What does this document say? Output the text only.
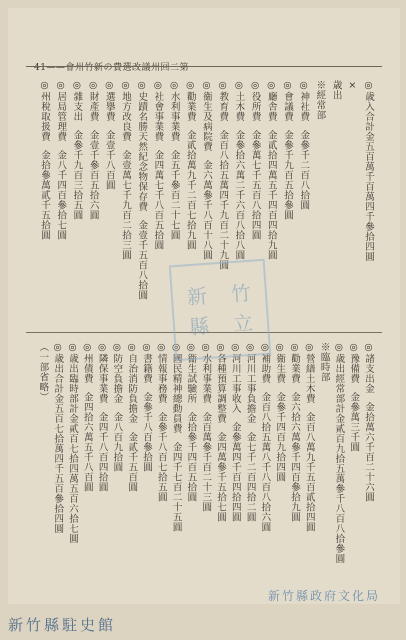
41——會州竹新の費選改議州回二第
◎歳入合計金五百萬千百萬四千參拾四圓
×
歳出
※經常部
◎神社費金參千二百八拾圓
◎會議費金參千九百五拾參圓
◎廳舎費金貳拾四萬五千四百四拾九圓
◎役所費金參萬七千五百八拾四圓
◎土木費金參拾六萬二千六百八拾八圓
◎教育費金百八拾五萬四千九百二十九圓
◎衞生及病院費金六萬參千八百十八圓
◎勸業費金貳拾萬九千二百七拾九圓
◎水利事業費金五千參百二十七圓
◎社會事業費金四萬七千八百五拾圓
◎史蹟名勝天然紀念物保存費金壹千五百八拾圓
◎地方改良費金壹萬七千九百二拾三圓
◎選擧費金壹千八百圓
◎財產費金壹千參百五拾六圓
◎雜支出金參千九百三拾五圓
◎居局管理費金八千四百參拾七圓
◎州稅取扱費金拾參萬貳千五拾圓
◎諸支出金金拾萬六千百二十六圓
◎豫備費金參萬三千圓
◎歳出經常部計金貳百九拾五萬參千八百八拾參圓
※臨時部
◎營繕土木費金百八萬九千五百貳拾四圓
◎勸業費金六拾六萬參千四百參拾九圓
◎衞生費金參千四百九拾四圓
◎補助費金百八拾五萬八千八百八拾六圓
◎河川工事負擔金金七千二百四拾二圓
◎河川工事收入金參萬四千百四拾四圓
◎各種預算調整費金四萬參千五拾七圓
◎水利事業費金百萬參千百二十三圓
◎衞生試驗所金拾參千四百五拾圓
◎國民精神總動員費金四千七百二十五圓
◎情報事務費金參千八百七拾五圓
◎書籍費金參千八百參拾圓
◎自治消防負擔金金貳千五百圓
◎防空負擔金金八百九拾圓
◎隣保事業費金四千八百四拾圓
◎州債費金四拾六萬五千八百圓
◎歳出臨時部計金貳百七拾四萬五百六拾七圓
◎歳出合計金五百七拾萬四千五百參拾四圓
（一部省略）
新	竹
縣	立
新竹縣駐史館
新竹縣政府文化局
